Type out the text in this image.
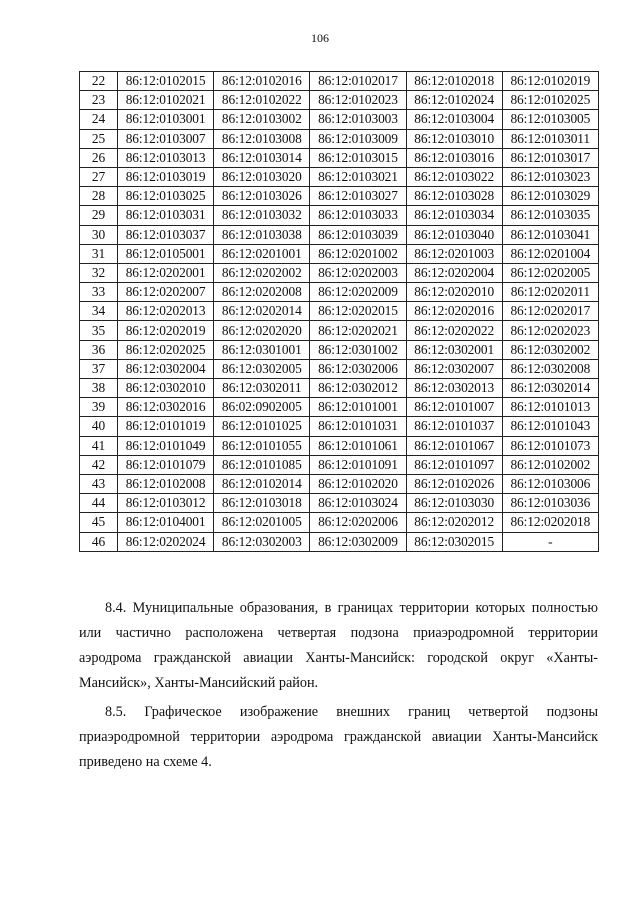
106
22	86:12:0102015	86:12:0102016	86:12:0102017	86:12:0102018	86:12:0102019
23	86:12:0102021	86:12:0102022	86:12:0102023	86:12:0102024	86:12:0102025
24	86:12:0103001	86:12:0103002	86:12:0103003	86:12:0103004	86:12:0103005
25	86:12:0103007	86:12:0103008	86:12:0103009	86:12:0103010	86:12:0103011
26	86:12:0103013	86:12:0103014	86:12:0103015	86:12:0103016	86:12:0103017
27	86:12:0103019	86:12:0103020	86:12:0103021	86:12:0103022	86:12:0103023
28	86:12:0103025	86:12:0103026	86:12:0103027	86:12:0103028	86:12:0103029
29	86:12:0103031	86:12:0103032	86:12:0103033	86:12:0103034	86:12:0103035
30	86:12:0103037	86:12:0103038	86:12:0103039	86:12:0103040	86:12:0103041
31	86:12:0105001	86:12:0201001	86:12:0201002	86:12:0201003	86:12:0201004
32	86:12:0202001	86:12:0202002	86:12:0202003	86:12:0202004	86:12:0202005
33	86:12:0202007	86:12:0202008	86:12:0202009	86:12:0202010	86:12:0202011
34	86:12:0202013	86:12:0202014	86:12:0202015	86:12:0202016	86:12:0202017
35	86:12:0202019	86:12:0202020	86:12:0202021	86:12:0202022	86:12:0202023
36	86:12:0202025	86:12:0301001	86:12:0301002	86:12:0302001	86:12:0302002
37	86:12:0302004	86:12:0302005	86:12:0302006	86:12:0302007	86:12:0302008
38	86:12:0302010	86:12:0302011	86:12:0302012	86:12:0302013	86:12:0302014
39	86:12:0302016	86:02:0902005	86:12:0101001	86:12:0101007	86:12:0101013
40	86:12:0101019	86:12:0101025	86:12:0101031	86:12:0101037	86:12:0101043
41	86:12:0101049	86:12:0101055	86:12:0101061	86:12:0101067	86:12:0101073
42	86:12:0101079	86:12:0101085	86:12:0101091	86:12:0101097	86:12:0102002
43	86:12:0102008	86:12:0102014	86:12:0102020	86:12:0102026	86:12:0103006
44	86:12:0103012	86:12:0103018	86:12:0103024	86:12:0103030	86:12:0103036
45	86:12:0104001	86:12:0201005	86:12:0202006	86:12:0202012	86:12:0202018
46	86:12:0202024	86:12:0302003	86:12:0302009	86:12:0302015	-

8.4. Муниципальные образования, в границах территории которых полностью или частично расположена четвертая подзона приаэродромной территории аэродрома гражданской авиации Ханты-Мансийск: городской округ «Ханты-Мансийск», Ханты-Мансийский район.

8.5. Графическое изображение внешних границ четвертой подзоны приаэродромной территории аэродрома гражданской авиации Ханты-Мансийск приведено на схеме 4.
